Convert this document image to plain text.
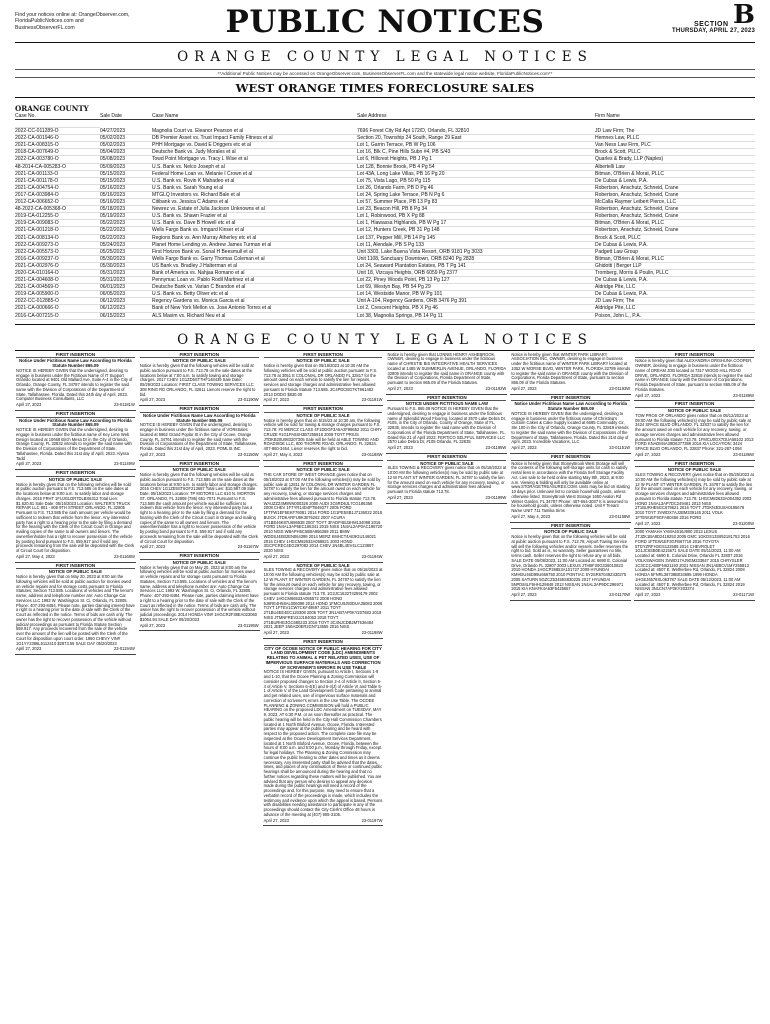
Find your notices online at: OrangeObserver.com,
FloridaPublicNotices.com and
BusinessObserverFL.com	PUBLIC NOTICES	SECTION B
THURSDAY, APRIL 27, 2023
ORANGE COUNTY LEGAL NOTICES
**Additional Public Notices may be accessed on OrangeObserver.com, BusinessObserverFL.com and the statewide legal notice website, FloridaPublicNotices.com**
WEST ORANGE TIMES FORECLOSURE SALES
ORANGE COUNTY
Case No.	Sale Date	Case Name	Sale Address	Firm Name

2022-CC-011289-O	04/27/2023	Magnolia Court vs. Eleanor Pearson et al	7696 Forest City Rd Apt 172/D, Orlando, FL 32810	JD Law Firm; The
2022-CA-001946-O	05/02/2023	DB Premier Asset vs. Trust Impact Family Fitness et al	Section 20, Township 24 South, Range 29 East	Hemnes Law, PLLC
2021-CA-008315-O	05/02/2023	PHH Mortgage vs. David E Driggers etc et al	Lot 1, Garrin Terrace, PB W Pg 106	Van Ness Law Firm, PLC
2018-CA-007649-O	05/04/2023	Deutsche Bank vs. Judy Morales et al	Lot 16, Blk C, Pine Hills Subn #4, PB S/43	Brock & Scott, PLLC
2022-CA-003780-O	05/08/2023	Towd Point Mortgage vs. Tracy L Wise et al	Lot 6, Hillcrest Heights, PB J Pg 1	Quarles & Brady, LLP (Naples)
48-2014-CA-005283-O	05/09/2023	U.S. Bank vs. Nelco Joseph et al	Lot 128, Bonnie Brook, PB 4 Pg 54	Albertelli Law
2021-CA-001133-O	05/15/2023	Federal Home Loan vs. Melanie I Crown et al	Lot 43A, Long Lake Villas, PB 16 Pg 20	Bitman, O'Brien & Morat, PLLC
2021-CA-001178-O	05/15/2023	U.S. Bank vs. Rovin K Mahadeo et al	Lot 75, Vista Lago, PB 50 Pg 115	De Cubas & Lewis, P.A.
2021-CA-004754-O	05/16/2023	U.S. Bank vs. Sarah Young et al	Lot 26, Orlando Farm, PB D Pg 46	Robertson, Anschutz, Schneid, Crane
2017-CA-003984-O	05/16/2023	MTGLQ Investors vs. Richard Bale et al	Lot 24, Spring Lake Terrace, PB N Pg 6	Robertson, Anschutz, Schneid, Crane
2012-CA-006652-O	05/16/2023	Citibank vs. Jessica C Adams et al	Lot 57, Summer Place, PB 13 Pg 83	McCalla Raymer Leibert Pierce, LLC
48-2022-CA-005368-O	05/18/2023	Newrez vs. Estate of Julia Jackson Unknowns et al	Lot 23, Beacon Hill, PB 8 Pg 34	Robertson, Anschutz, Schneid, Crane
2019-CA-012255-O	05/19/2023	U.S. Bank vs. Shawn Frazier et al	Lot 1, Robinwood, PB X Pg 88	Robertson, Anschutz, Schneid, Crane
2019-CA-009083-O	05/22/2023	U.S. Bank vs. Dave B Howell etc et al	Lot 1, Hiawassa Highlands, PB W Pg 17	Bitman, O'Brien & Morat, PLLC
2021-CA-001218-O	05/22/2023	Wells Fargo Bank vs. Irmgard Kinser et al	Lot 12, Hunters Creek, PB 31 Pg 148	Robertson, Anschutz, Schneid, Crane
2021-CA-008134-O	05/22/2023	Regions Bank vs. Ann Murray Atherley etc et al	Lot 137, Pepper Mill, PB 14 Pg 145	Brock & Scott, PLLC
2022-CA-009273-O	05/24/2023	Planet Home Lending vs. Andrew James Turman et al	Lot 11, Alendale, PB S Pg 133	De Cubas & Lewis, P.A.
2022-CA-005573-O	05/25/2023	First Horizon Bank vs. Sonal H Beesmull et al	Unit 3303, Lake Buena Vista Resort, ORB 9181 Pg 3033	Padgett Law Group
2016-CA-009237-O	05/30/2023	Wells Fargo Bank vs. Garry Thomas Coleman et al	Unit 1108, Sanctuary Downtown, ORB 8240 Pg 2828	Bitman, O'Brien & Morat, PLLC
2021-CA-002976-O	05/30/2023	US Bank vs. Bradley J Halterman et al	Lot 24, Seaward Plantation Estates, PB T Pg 141	Ghidotti | Berger LLP
2020-CA-010164-O	05/31/2023	Bank of America vs. Nahjaa Romano et al	Unit 18, Vizcaya Heights, ORB 6059 Pg 2377	Tromberg, Morris & Poulin, PLLC
2021-CA-004608-O	05/31/2023	Pennymac Loan vs. Pablo Rodil Martinez et al	Lot 22, Piney Woods Point, PB 13 Pg 127	De Cubas & Lewis, P.A.
2021-CA-004569-O	06/01/2023	Deutsche Bank vs. Varian C Brandon et al	Lot 69, Westyn Bay, PB 54 Pg 29	Aldridge Pite, LLC
2019-CA-005900-O	06/05/2023	U.S. Bank vs. Betty Oliver etc et al	Lot 14, Westside Manor, PB W Pg 101	De Cubas & Lewis, P.A.
2022-CC-012885-O	06/12/2023	Regency Gardens vs. Monica Garcia et al	Unit A-104, Regency Gardens, ORB 3476 Pg 391	JD Law Firm; The
2021-CA-000666-O	06/12/2023	Bank of New York Mellon vs. Jose Antonio Torres et al	Lot 2, Crescent Heights, PB X Pg 46	Aldridge Pite, LLC
2016-CA-007215-O	06/15/2023	ALS Maxim vs. Richard Neu et al	Lot 38, Magnolia Springs, PB 14 Pg 11	Poison, John L., P.A.
ORANGE COUNTY LEGAL NOTICES
FIRST INSERTION
Notice Under Fictitious Name Law According to Florida Statute Number 865.09
NOTICE IS HEREBY GIVEN that the undersigned, desiring to engage in business under the Fictitious Name of IT Support Orlando located at 9401 Old Mallard Ave, Suite A-4 in the City of Orlando, Orange County, FL 34787 intends to register the said name with the Division of Corporations of the Department of State, Tallahassee, Florida. Dated this 24th day of April, 2023. Computer Business Consultants, LLC
April 27, 2023	23-01181W
FIRST INSERTION
Notice Under Fictitious Name Law According to Florida Statute Number 865.09
NOTICE IS HEREBY GIVEN that the undersigned, desiring to engage in business under the fictitious name of Key Lime Web Design located at 10668 Birch Mesa Dr in the City of Orlando, Orange County, FL 32832 intends to register the said name with the Division of Corporations of the Department of State, Tallahassee, Florida. Dated this 21st day of April, 2023. Alyssa Tadd
April 27, 2023	23-01149W
FIRST INSERTION
NOTICE OF PUBLIC SALE
Notice is hereby given that on the following vehicles will be sold at public auction pursuant to F.S. 713.585 on the sale dates at the locations below at 9:00 a.m. to satisfy labor and storage charges. 2015 FRHT 1FUJGLDR7DLBX6312 Total Lien: $1,620.81 Sale Date: 05/16/2023 Location: WALTER'S TRUCK REPAIR LLC 801 - 805 9TH STREET ORLANDO, FL 32805 Pursuant to F.S. 713.585 the cash amount per vehicle would be sufficient to redeem that vehicle from the lienor. Any interested party has a right to a hearing prior to the sale by filing a demand for the hearing with the Clerk of the Circuit Court in Orange and mailing copies of the same to all owners and lienors. The owner/lienholder has a right to recover possession of the vehicle by posting bond pursuant to F.S. 559.917 and if sold any proceeds remaining from the sale will be deposited with the Clerk of Circuit Court for disposition.
April 27, May 4, 2023	23-01168W
FIRST INSERTION
NOTICE OF PUBLIC SALE
Notice is hereby given that on May 20, 2023 at 8:00 am the following vehicles will be sold at public auction for monies owed on vehicle repairs and for storage costs pursuant to Florida Statutes, Section 713.585. Locations of vehicles and The lienor's name, address and telephone number are: Auto Change Car Services LLC 1993 W. Washington St. Ci, Orlando, FL 32805. Phone: 407-293-8484. Please note, parties claiming interest have a right to a hearing prior to the date of sale with the Clerk of the Court as reflected in the notice. Terms of bids are cash only. The owner has the right to recover possession of the vehicle without judicial proceedings as pursuant to Florida Statute Section 559.917. Any proceeds recovered from the sale of the vehicle over the amount of the lien will be posted with the Clerk of the Court for disposition upon court order. 1960 CHEVY VIN# 1G1YY2386L5112410 $2873.58 SALE DAY 05/20/2023
April 27, 2023	23-01194W
FIRST INSERTION
NOTICE OF PUBLIC SALE
Notice is hereby given that the following vehicles will be sold at public auction pursuant to F.S. 713.78 on the sale dates at the locations below at 7:00 a.m. to satisfy towing and storage charges. 2017 CHEV 1G1ZD5ST7HF148439 Sale Date: 05/29/2023 Location: FIRST CLASS TOWING SERVICES LLC 308 RING RD ORLANDO, FL 32811 Lienors reserve the right to bid.
April 27, 2023	23-01190W
FIRST INSERTION
Notice Under Fictitious Name Law According to Florida Statute Number 865.09
NOTICE IS HEREBY GIVEN that the undersigned, desiring to engage in business under the fictitious name of VORsSales located at 5962 Grand Poplar St in the City of Ocoee, Orange County, FL 34761 intends to register the said name with the Division of Corporations of the Department of State, Tallahassee, Florida. Dated this 21st day of April, 2023. POMLIS INC
April 27, 2023	23-01150W
FIRST INSERTION
NOTICE OF PUBLIC SALE
Notice is hereby given that the following vehicles will be sold at public auction pursuant to F.S. 713.585 on the sale dates at the locations below at 9:00 a.m. to satisfy labor and storage charges. 2016 CHEV 1G1ZE5ST6GF213687 Total Lien: $10,987.09 Sale Date: 05/15/2023 Location: TP MOTORS LLC 610 N. MORTON ST. ORLANDO, FL 32808 (786) 651-7071 Pursuant to F.S. 713.585 the cash amount per vehicle would be sufficient to redeem that vehicle from the lienor. Any interested party has a right to a hearing prior to the sale by filing a demand for the hearing with the Clerk of the Circuit Court in Orange and mailing copies of the same to all owners and lienors. The owner/lienholder has a right to recover possession of the vehicle by posting bond pursuant to F.S. 559.917 and if sold any proceeds remaining from the sale will be deposited with the Clerk of Circuit Court for disposition.
April 27, 2023	23-01167W
FIRST INSERTION
NOTICE OF PUBLIC SALE
Notice is hereby given that on May 20, 2023 at 8:00 am the following vehicles will be sold at public auction for monies owed on vehicle repairs and for storage costs pursuant to Florida Statutes, Section 713.585. Locations of vehicles and The lienor's name, address and telephone number are: Auto Change Car Services LLC 1993 W. Washington St. Ci, Orlando, FL 32805. Phone: 407-293-8484. Please note, parties claiming interest have a right to a hearing prior to the date of sale with the Clerk of the Court as reflected in the notice. Terms of bids are cash only. The owner has the right to recover possession of the vehicle without judicial proceedings. 2014 HONDA VIN# 1HGCR2F38EA023060 $1064.94 SALE DAY 05/20/2023
April 27, 2023	23-01195W
FIRST INSERTION
NOTICE OF PUBLIC SALE
Notice is hereby given that on 05/18/2023 at 10:30 AM the following vehicles will be sold at public auction pursuant to F.S. 713.78 at 3051 E COLONIAL DR ORLANDO FL 32817 for the amount owed on each vehicle to satisfy the lien for repairs, services and storage charges and administrative fees allowed pursuant to Florida Statute 713.585. 3C4PDCBG7KT861482 2013 DODG $830.00
April 27, 2023	23-01191W
FIRST INSERTION
NOTICE OF PUBLIC SALE
Notice is hereby given that on 5/15/23 at 10:30 am, the following vehicle will be sold for towing & storage charges pursuant to F.S. 713.78: #2 MERCZ CLASS 4F1DDGF3A5A2F98652 2011 CHRY CRUZE #1G1PA5SH3B7255818 2008 TOYT PRIUS JTDKB20U983207305 Sale will be held at ABLE TOWING AND ROADSIDE LLC, 800 THORPE ROAD, ORLANDO, FL 32824. 407-860-3464. Lienor reserves the right to bid.
April 27, May 4, 2023	23-01188W
FIRST INSERTION
NOTICE OF PUBLIC SALE
THE CAR STORE OF WEST ORANGE gives notice that on 05/18/2023 at 07:00 AM the following vehicles(s) may be sold by public sale at 12811 W COLONIAL DR WINTER GARDEN FL 34787 to satisfy the lien for the amount owed on each vehicle for any recovery, towing, or storage services charges and administrative fees allowed pursuant to Florida statute 713.78. WAUZZZ4M8NN000326 2000 AUDI 3C6RD6JL7CG186358 2008 CHEV 1FTYR14D4PTB49377 2005 FORD 1FTFW1EF5EKF76081 2014 FORD 1G1PE5SB1J7136022 2018 BUICK JTDKARFU9K3076262 2007 ACURA 4T1BE46K87U686538 2007 TOYT 3FADP4BJ3HM134098 2016 FORD 1N4AL3AP6EC186341 2015 NISS 1N4AL2AP0AC196720 2010 NISS WBAPH5C55BA956369 2011 BMW WDDSJ4EB2EN064399 2014 MERZ KMHCT4AE9GU146021 2015 CHEV 1HGCM82633A058821 2003 HOND 3GCPCREC4EG297082 2014 CHEV 1N4BL4EV4LC123867 2020 NISS
April 27, 2023	23-01194W
NOTICE OF PUBLIC SALE
SLES TOWING & RECOVERY gives notice that on 05/18/2023 at 10:00 AM the following vehicles(s) may be sold by public sale at 12 W PLANT ST WINTER GARDEN, FL 34787 to satisfy the lien for the amount owed on each vehicle for any recovery, towing, or storage services charges and administrative fees allowed pursuant to Florida statute 713.78. 1G2JC1632T4259179 2002 CHEV 1HGCM66533A055572 2008 HOND 5J6RE4H58AL006098 2014 HOND 1FMCU9J93DUA35083 2006 TOYT 1FTEV1CW7CKF49597 2011 TOYT 2T1BU4EE4EC120308 2006 TOYT 3N1AB7AP0KY207683 2019 NISS JTMNFREV2JJ184063 2018 TOYT 2T1BURHE3GC680233 2016 TOYT 3C4NJCDB2MT636484 2021 JEEP 1N6AD0ER2GN713655 2016 NISS
April 27, 2023	23-01198W
FIRST INSERTION
CITY OF OCOEE NOTICE OF PUBLIC HEARING FOR CITY LAND DEVELOPMENT CODE (LDC) AMENDMENTS RELATING TO ANIMAL & PET RELATED USES, USE OF IMPERVIOUS SURFACE MATERIALS AND CORRECTION OF SCRIVENER'S ERRORS IN USE TABLE
NOTICE IS HEREBY GIVEN, pursuant to Article I, Sections 1-9 and 1-10, that the Ocoee Planning & Zoning Commission will consider proposed changes to Section 2-4 of Article II, Section 5-4 of Article V, Sections 6-4(E) and 6-4(J) of Article VI and Table 5-1 of Article V of the Land Development Code pertaining to animal and pet related uses, use of impervious surface materials and correction of scrivener's errors in the Use Table. The OCOEE PLANNING & ZONING COMMISSION will hold a PUBLIC HEARING on the proposed LDC Amendment on TUESDAY, MAY 9, 2023, AT 6:30 P.M. or as soon thereafter as practical. The public hearing will be held in the City Hall Commission Chambers located at 1 North Bluford Avenue, Ocoee, Florida. Interested parties may appear at the public hearing and be heard with respect to the proposed action. The complete case file may be inspected at the Ocoee Development Services Department, located at 1 North Bluford Avenue, Ocoee, Florida, between the hours of 8:00 a.m. and 5:00 p.m., Monday through Friday, except for legal holidays. The Planning & Zoning Commission may continue the public hearing to other dates and times as it deems necessary. Any interested party shall be advised that the dates, times, and places of any continuation of these or continued public hearings shall be announced during the hearing and that no further notices regarding these matters will be published. You are advised that any person who desires to appeal any decision made during the public hearings will need a record of the proceedings and, for this purpose, may need to ensure that a verbatim record of the proceedings is made, which includes the testimony and evidence upon which the appeal is based. Persons with disabilities needing assistance to participate in any of the proceedings should contact the City Clerk's Office 48 hours in advance of the meeting at (407) 905-3105.
April 27, 2023	23-01197W
Notice is hereby given that LONNIE HENRY ASHEBROOK, OWNER, desiring to engage in business under the fictitious name of CHRISTIE BIS INTEGRATIVE HEALTH SERVICES located at 1485 W SUMMERLIN AVENUE, ORLANDO, FLORIDA 32806 intends to register the said name in ORANGE county with the Division of Corporations, Florida Department of State, pursuant to section 865.09 of the Florida Statutes.
April 27, 2023	23-01192W
FIRST INSERTION
NOTICE UNDER FICTITIOUS NAME LAW
Pursuant to F.S. 865.09 NOTICE IS HEREBY GIVEN that the undersigned, desiring to engage in business under the fictitious name of Splendid Wood Flooring, located at 2570 Lake Debra Dr, #105, in the City of Orlando, County of Orange, State of FL, 32835, intends to register the said name with the Division of Corporations of the Florida Department of State, Tallahassee, FL. Dated this 21 of April 2023. FERTICO SELFFUL SERVICES LLC 2570 Lake Debra Dr, #105 Orlando, FL 32835
April 27, 2023	23-01195W
FIRST INSERTION
NOTICE OF PUBLIC SALE
SLES TOWING & RECOVERY gives notice that on 05/18/2023 at 10:00 AM the following vehicles(s) may be sold by public sale at 12 W PLANT ST WINTER GARDEN, FL 34787 to satisfy the lien for the amount owed on each vehicle for any recovery, towing, or storage services charges and administrative fees allowed pursuant to Florida statute 713.78.
April 27, 2023	23-01199W
Notice is hereby given that WINTER PARK LIBRARY ASSOCIATION INC, OWNER, desiring to engage in business under the fictitious name of WINTER PARK LIBRARY located at 1052 W MORSE BLVD, WINTER PARK, FLORIDA 32789 intends to register the said name in ORANGE county with the Division of Corporations, Florida Department of State, pursuant to section 865.09 of the Florida Statutes.
April 27, 2023	23-01193W
FIRST INSERTION
Notice Under Fictitious Name Law According to Florida Statute Number 865.09
NOTICE IS HEREBY GIVEN that the undersigned, desiring to engage in business under the fictitious name of Christina's Custom Cakes & Cake Supply located at 6685 Commodity Cir, Ste 100 in the City of Orlando, Orange County, FL 32819 intends to register the said name with the Division of Corporations of the Department of State, Tallahassee, Florida. Dated this 21st day of April, 2023. Incredible Vacations, LLC
April 27, 2023	23-01151W
FIRST INSERTION
Notice is hereby given that StoneyBrook West Storage will sell the contents of the following self-storage units for cash to satisfy rental liens in accordance with the Florida Self Storage Facility Act. Lien sale to be held online starting May 8th, 2023, at 9:00 a.m. Viewing & bidding will only be available online at www.STORAGETREASURES.COM. Units may be bid on starting 10 days prior. Unknown list to contain household goods, unless otherwise listed. StoneyBrook West Storage 1650 Avalon Rd Winter Garden, FL 34787 Phone: 407-654-3037 It is assumed to be household goods, unless otherwise noted. Unit # Tenant Name UNIT 711 Tamika Sims
April 27, May 4, 2023	23-01158W
FIRST INSERTION
NOTICE OF PUBLIC SALE
Notice is hereby given that on the following vehicles will be sold at public auction pursuant to F.S. 713.78, Airport Towing Service will sell the following vehicles and/or vessels. Seller reserves the right to bid. Sold as is, no warranty. Seller guarantees no title, terms cash. Seller reserves the right to refuse any or all bids. SALE DATE 05/08/2023, 11:00 AM Located at: 6690 E. Colonial Drive, Orlando FL 32807 2003 LEXUS JTHBF30G336010823 2010 HONDA 1HGCP26853A101727 2009 HYUNDAI KMHDU46D99U666750 2010 PONTIAC 5Y2SR67049Z430275 2005 SATURN 5GZCZ53455S830225 2017 HYUNDAI 5NPD84LF5HH129848 2013 NISSAN 1N4AL3AP9DC296971 2015 KIA KNAFK4A63F5425657
April 27, 2023	23-01170W
FIRST INSERTION
Notice is hereby given that ALEXANDRIA DRISHUNA COOPER, OWNER, desiring to engage in business under the fictitious name of DREAM JOB located at 7317 WOOD HILL ROAD DRIVE, ORLANDO, FLORIDA 32818 intends to register the said name in ORANGE county with the Division of Corporations, Florida Department of State, pursuant to section 865.09 of the Florida Statutes.
April 27, 2023	23-01189W
FIRST INSERTION
NOTICE OF PUBLIC SALE
TOW PROS OF ORLANDO gives notice that on 05/12/2023 at 09:00 AM the following vehicles(s) may be sold by public sale at 3424 SPACE BLVD ORLANDO, FL 32837 to satisfy the lien for the amount owed on each vehicle for any recovery, towing, or storage services charges and administrative fees allowed pursuant to Florida statute 713.78. 1FMCU0GX7DUA58102 2013 FORD KNADM4A39D6377389 2016 KIA LOCATION: 3424 SPACE BLVD ORLANDO, FL 32837 Phone: 321-287-1094
April 27, 2023	23-01186W
FIRST INSERTION
NOTICE OF PUBLIC SALE
SLES TOWING & RECOVERY gives notice that on 05/25/2023 at 10:00 AM the following vehicles(s) may be sold by public sale at 12 W PLANT ST WINTER GARDEN, FL 34787 to satisfy the lien for the amount owed on each vehicle for any recovery, towing, or storage services charges and administrative fees allowed pursuant to Florida statute 713.78. 1HGCM82633A004352 2003 HOND 1N4AL3AP7DC249461 2013 NISS 2T1BURHE5GC679621 2016 TOYT JTDKN3DU8A0195678 2010 TOYT 3VWDX7AJ2BM339145 2011 VOLK 1FTEW1EF9GFA80456 2016 FORD
April 27, 2023	23-01200W
2000 YAMAHA YAMA4016J900 2013 LEXUS JTJZK1BA8D2419253 2005 GMC 1GKDS13S852181753 2016 FORD 1FTEW1EF3GFB67718 2016 TOYOTA 5TDYZRFH3GS122588 2014 CHEVROLET 1G1JC6SB0E4215671 SALE DATE 05/11/2023, 11:00 AM Located at: 6690 E. Colonial Drive, Orlando FL 32807 2016 VOLKSWAGEN 3VWD17AJ9GM233847 2015 CHRYSLER 1C3CCCAB0FN621193 2021 NISSAN 3N1AB8CV1MY255813 Located at: 4507 E. Wetherbee Rd, Orlando, FL 32824 2008 HONDA 5FNRL38738B034695 1999 HONDA 1HGEJ6578XL063787 SALE DATE 05/12/2023, 11:00 AM Located at: 4507 E. Wetherbee Rd, Orlando, FL 32824 2019 NISSAN 3N1CN7AP3KY203374
April 27, 2023	23-01171W
